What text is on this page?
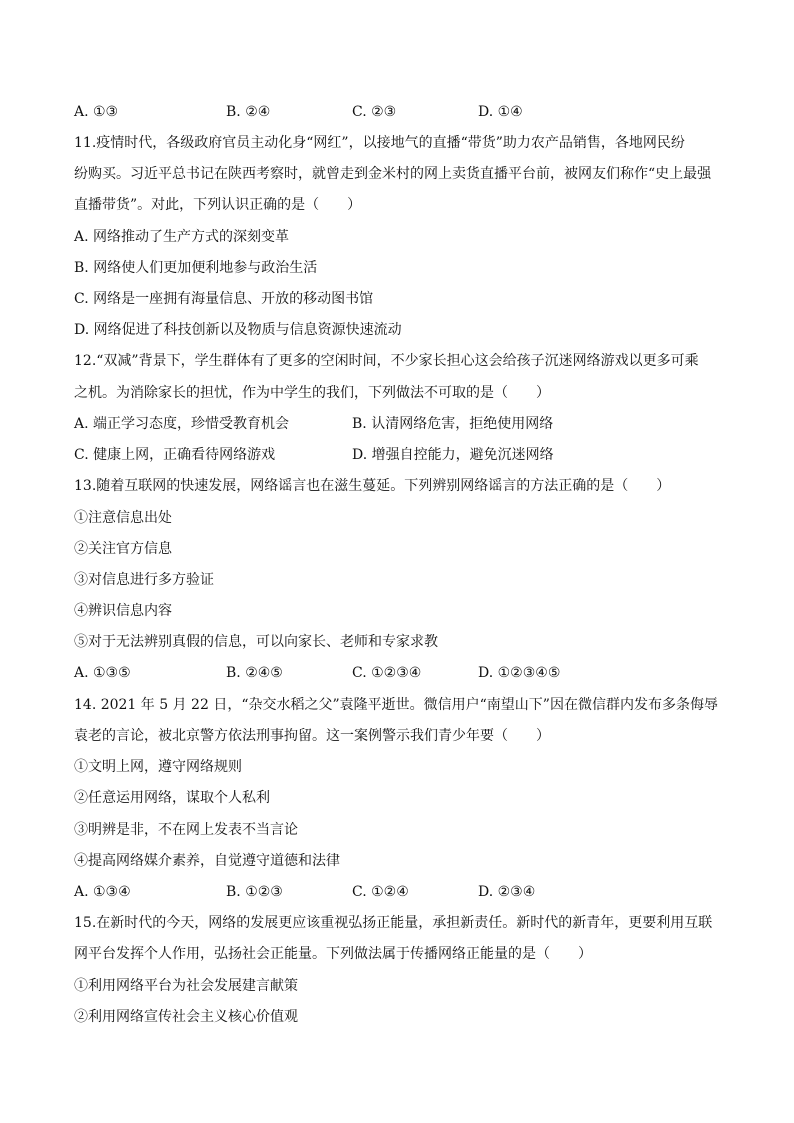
A. ①③	B. ②④	C. ②③	D. ①④
11.疫情时代，各级政府官员主动化身“网红”，以接地气的直播“带货”助力农产品销售，各地网民纷
纷购买。习近平总书记在陕西考察时，就曾走到金米村的网上卖货直播平台前，被网友们称作“史上最强
直播带货”。对此，下列认识正确的是（　　）
A. 网络推动了生产方式的深刻变革
B. 网络使人们更加便利地参与政治生活
C. 网络是一座拥有海量信息、开放的移动图书馆
D. 网络促进了科技创新以及物质与信息资源快速流动
12.“双减”背景下，学生群体有了更多的空闲时间，不少家长担心这会给孩子沉迷网络游戏以更多可乘
之机。为消除家长的担忧，作为中学生的我们，下列做法不可取的是（　　）
A. 端正学习态度，珍惜受教育机会	B. 认清网络危害，拒绝使用网络
C. 健康上网，正确看待网络游戏	D. 增强自控能力，避免沉迷网络
13.随着互联网的快速发展，网络谣言也在滋生蔓延。下列辨别网络谣言的方法正确的是（　　）
①注意信息出处
②关注官方信息
③对信息进行多方验证
④辨识信息内容
⑤对于无法辨别真假的信息，可以向家长、老师和专家求教
A. ①③⑤	B. ②④⑤	C. ①②③④	D. ①②③④⑤
14. 2021 年 5 月 22 日，“杂交水稻之父”袁隆平逝世。微信用户“南望山下”因在微信群内发布多条侮辱
袁老的言论，被北京警方依法刑事拘留。这一案例警示我们青少年要（　　）
①文明上网，遵守网络规则
②任意运用网络，谋取个人私利
③明辨是非，不在网上发表不当言论
④提高网络媒介素养，自觉遵守道德和法律
A. ①③④	B. ①②③	C. ①②④	D. ②③④
15.在新时代的今天，网络的发展更应该重视弘扬正能量，承担新责任。新时代的新青年，更要利用互联
网平台发挥个人作用，弘扬社会正能量。下列做法属于传播网络正能量的是（　　）
①利用网络平台为社会发展建言献策
②利用网络宣传社会主义核心价值观
